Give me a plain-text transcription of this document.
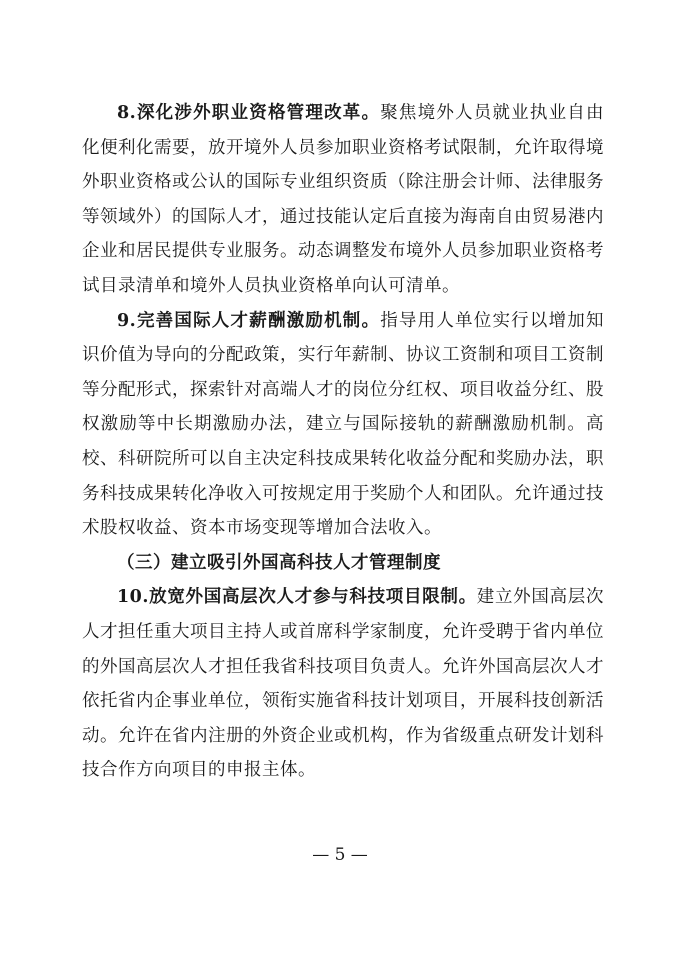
8.深化涉外职业资格管理改革。聚焦境外人员就业执业自由化便利化需要，放开境外人员参加职业资格考试限制，允许取得境外职业资格或公认的国际专业组织资质（除注册会计师、法律服务等领域外）的国际人才，通过技能认定后直接为海南自由贸易港内企业和居民提供专业服务。动态调整发布境外人员参加职业资格考试目录清单和境外人员执业资格单向认可清单。

9.完善国际人才薪酬激励机制。指导用人单位实行以增加知识价值为导向的分配政策，实行年薪制、协议工资制和项目工资制等分配形式，探索针对高端人才的岗位分红权、项目收益分红、股权激励等中长期激励办法，建立与国际接轨的薪酬激励机制。高校、科研院所可以自主决定科技成果转化收益分配和奖励办法，职务科技成果转化净收入可按规定用于奖励个人和团队。允许通过技术股权收益、资本市场变现等增加合法收入。

（三）建立吸引外国高科技人才管理制度

10.放宽外国高层次人才参与科技项目限制。建立外国高层次人才担任重大项目主持人或首席科学家制度，允许受聘于省内单位的外国高层次人才担任我省科技项目负责人。允许外国高层次人才依托省内企事业单位，领衔实施省科技计划项目，开展科技创新活动。允许在省内注册的外资企业或机构，作为省级重点研发计划科技合作方向项目的申报主体。

— 5 —
